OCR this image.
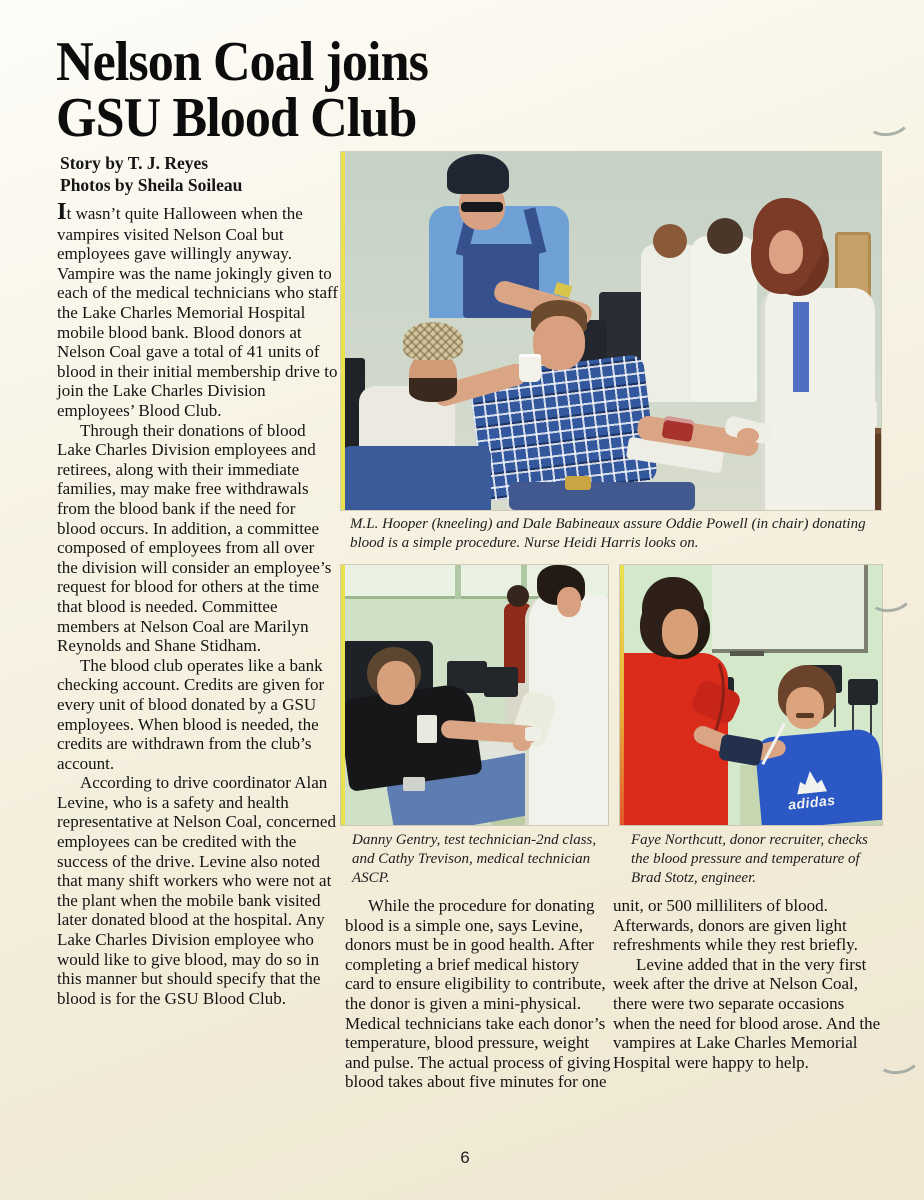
Nelson Coal joins
GSU Blood Club
Story by T. J. Reyes
Photos by Sheila Soileau

It wasn’t quite Halloween when the vampires visited Nelson Coal but employees gave willingly anyway. Vampire was the name jokingly given to each of the medical technicians who staff the Lake Charles Memorial Hospital mobile blood bank. Blood donors at Nelson Coal gave a total of 41 units of blood in their initial membership drive to join the Lake Charles Division employees’ Blood Club.

Through their donations of blood Lake Charles Division employees and retirees, along with their immediate families, may make free withdrawals from the blood bank if the need for blood occurs. In addition, a committee composed of employees from all over the division will consider an employee’s request for blood for others at the time that blood is needed. Committee members at Nelson Coal are Marilyn Reynolds and Shane Stidham.

The blood club operates like a bank checking account. Credits are given for every unit of blood donated by a GSU employees. When blood is needed, the credits are withdrawn from the club’s account.

According to drive coordinator Alan Levine, who is a safety and health representative at Nelson Coal, concerned employees can be credited with the success of the drive. Levine also noted that many shift workers who were not at the plant when the mobile bank visited later donated blood at the hospital. Any Lake Charles Division employee who would like to give blood, may do so in this manner but should specify that the blood is for the GSU Blood Club.

M.L. Hooper (kneeling) and Dale Babineaux assure Oddie Powell (in chair) donating blood is a simple procedure. Nurse Heidi Harris looks on.
Danny Gentry, test technician-2nd class, and Cathy Trevison, medical technician ASCP.
adidas
Faye Northcutt, donor recruiter, checks the blood pressure and temperature of Brad Stotz, engineer.

While the procedure for donating blood is a simple one, says Levine, donors must be in good health. After completing a brief medical history card to ensure eligibility to contribute, the donor is given a mini-physical. Medical technicians take each donor’s temperature, blood pressure, weight and pulse. The actual process of giving blood takes about five minutes for one

unit, or 500 milliliters of blood. Afterwards, donors are given light refreshments while they rest briefly.

Levine added that in the very first week after the drive at Nelson Coal, there were two separate occasions when the need for blood arose. And the vampires at Lake Charles Memorial Hospital were happy to help.

6
